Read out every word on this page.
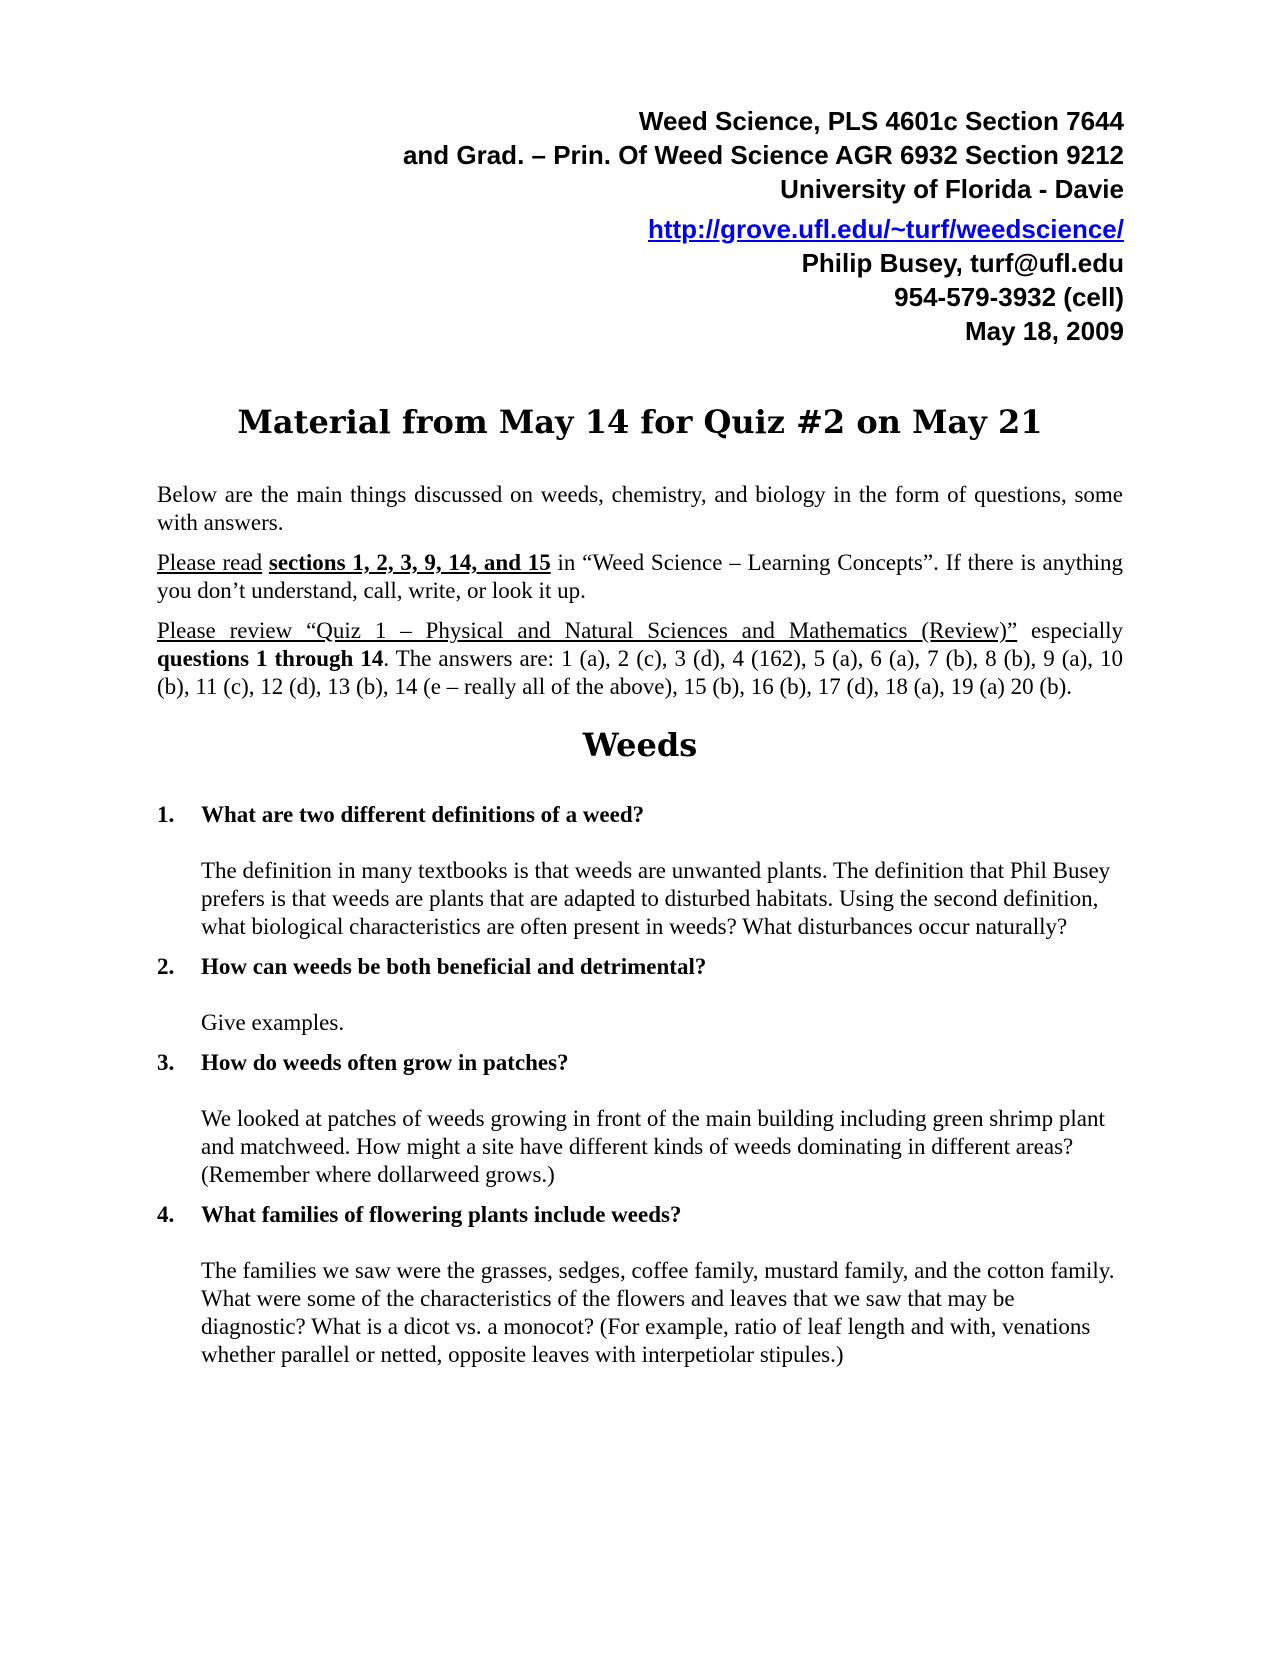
Weed Science, PLS 4601c Section 7644
and Grad. – Prin. Of Weed Science AGR 6932 Section 9212
University of Florida - Davie
http://grove.ufl.edu/~turf/weedscience/
Philip Busey, turf@ufl.edu
954-579-3932 (cell)
May 18, 2009
Material from May 14 for Quiz #2 on May 21

Below are the main things discussed on weeds, chemistry, and biology in the form of questions, some with answers.

Please read sections 1, 2, 3, 9, 14, and 15 in “Weed Science – Learning Concepts”. If there is anything you don’t understand, call, write, or look it up.

Please review “Quiz 1 – Physical and Natural Sciences and Mathematics (Review)” especially questions 1 through 14. The answers are: 1 (a), 2 (c), 3 (d), 4 (162), 5 (a), 6 (a), 7 (b), 8 (b), 9 (a), 10 (b), 11 (c), 12 (d), 13 (b), 14 (e – really all of the above), 15 (b), 16 (b), 17 (d), 18 (a), 19 (a) 20 (b).

Weeds
1.	What are two different definitions of a weed?
The definition in many textbooks is that weeds are unwanted plants. The definition that Phil Busey prefers is that weeds are plants that are adapted to disturbed habitats. Using the second definition, what biological characteristics are often present in weeds? What disturbances occur naturally?
2.	How can weeds be both beneficial and detrimental?
Give examples.
3.	How do weeds often grow in patches?
We looked at patches of weeds growing in front of the main building including green shrimp plant and matchweed. How might a site have different kinds of weeds dominating in different areas? (Remember where dollarweed grows.)
4.	What families of flowering plants include weeds?
The families we saw were the grasses, sedges, coffee family, mustard family, and the cotton family. What were some of the characteristics of the flowers and leaves that we saw that may be diagnostic? What is a dicot vs. a monocot? (For example, ratio of leaf length and with, venations whether parallel or netted, opposite leaves with interpetiolar stipules.)
